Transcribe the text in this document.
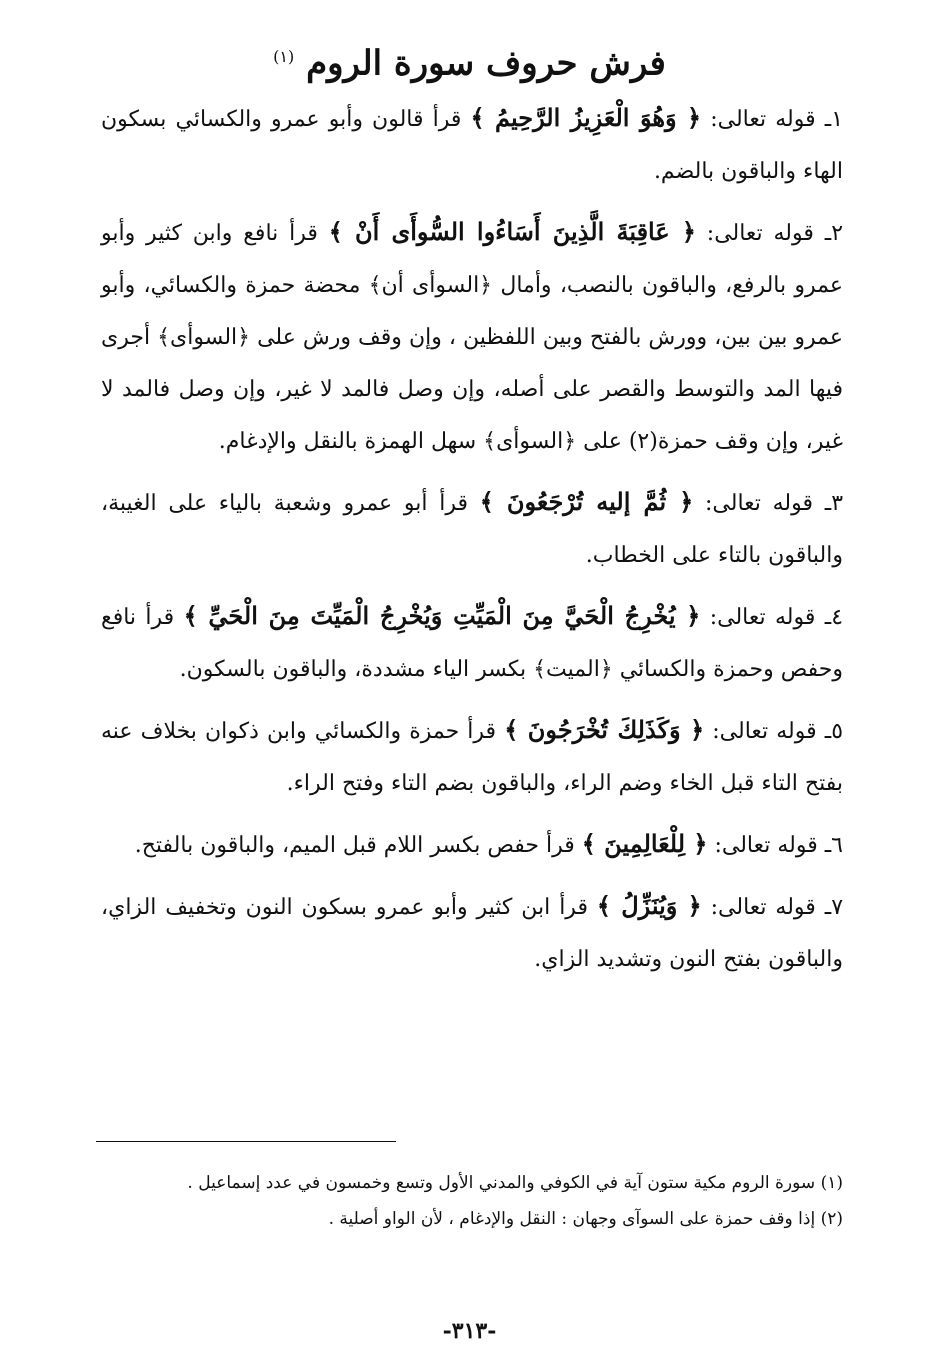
فرش حروف سورة الروم $^{(١)}$

١ـ قوله تعالى: ﴿ وَهُوَ الْعَزِيزُ الرَّحِيمُ ﴾ قرأ قالون وأبو عمرو والكسائي بسكون الهاء والباقون بالضم.

٢ـ قوله تعالى: ﴿ عَاقِبَةَ الَّذِينَ أَسَاءُوا السُّوأَى أَنْ ﴾ قرأ نافع وابن كثير وأبو عمرو بالرفع، والباقون بالنصب، وأمال ﴿السوأى أن﴾ محضة حمزة والكسائي، وأبو عمرو بين بين، وورش بالفتح وبين اللفظين ، وإن وقف ورش على ﴿السوأى﴾ أجرى فيها المد والتوسط والقصر على أصله، وإن وصل فالمد لا غير، وإن وصل فالمد لا غير، وإن وقف حمزة(٢) على ﴿السوأى﴾ سهل الهمزة بالنقل والإدغام.

٣ـ قوله تعالى: ﴿ ثُمَّ إليه تُرْجَعُونَ ﴾ قرأ أبو عمرو وشعبة بالياء على الغيبة، والباقون بالتاء على الخطاب.

٤ـ قوله تعالى: ﴿ يُخْرِجُ الْحَيَّ مِنَ الْمَيِّتِ وَيُخْرِجُ الْمَيِّتَ مِنَ الْحَيِّ ﴾ قرأ نافع وحفص وحمزة والكسائي ﴿الميت﴾ بكسر الياء مشددة، والباقون بالسكون.

٥ـ قوله تعالى: ﴿ وَكَذَلِكَ تُخْرَجُونَ ﴾ قرأ حمزة والكسائي وابن ذكوان بخلاف عنه بفتح التاء قبل الخاء وضم الراء، والباقون بضم التاء وفتح الراء.

٦ـ قوله تعالى: ﴿ لِلْعَالِمِينَ ﴾ قرأ حفص بكسر اللام قبل الميم، والباقون بالفتح.

٧ـ قوله تعالى: ﴿ وَيُنَزِّلُ ﴾ قرأ ابن كثير وأبو عمرو بسكون النون وتخفيف الزاي، والباقون بفتح النون وتشديد الزاي.

(١) سورة الروم مكية ستون آية في الكوفي والمدني الأول وتسع وخمسون في عدد إسماعيل .
(٢) إذا وقف حمزة على السوآى وجهان : النقل والإدغام ، لأن الواو أصلية .
-٣١٣-
